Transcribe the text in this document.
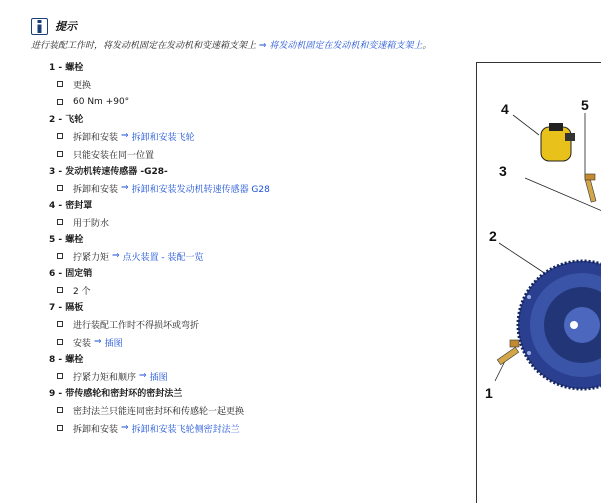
提示
进行装配工作时，将发动机固定在发动机和变速箱支架上 ⇒ 将发动机固定在发动机和变速箱支架上。
1 - 螺栓
更换
60 Nm +90°
2 - 飞轮
拆卸和安装 ⇒ 拆卸和安装飞轮
只能安装在同一位置
3 - 发动机转速传感器 -G28-
拆卸和安装 ⇒ 拆卸和安装发动机转速传感器 G28
4 - 密封罩
用于防水
5 - 螺栓
拧紧力矩 ⇒ 点火装置 - 装配一览
6 - 固定销
2 个
7 - 隔板
进行装配工作时不得损坏或弯折
安装 ⇒ 插图
8 - 螺栓
拧紧力矩和顺序 ⇒ 插图
9 - 带传感轮和密封环的密封法兰
密封法兰只能连同密封环和传感轮一起更换
拆卸和安装 ⇒ 拆卸和安装飞轮侧密封法兰
4	5
3
2
1
